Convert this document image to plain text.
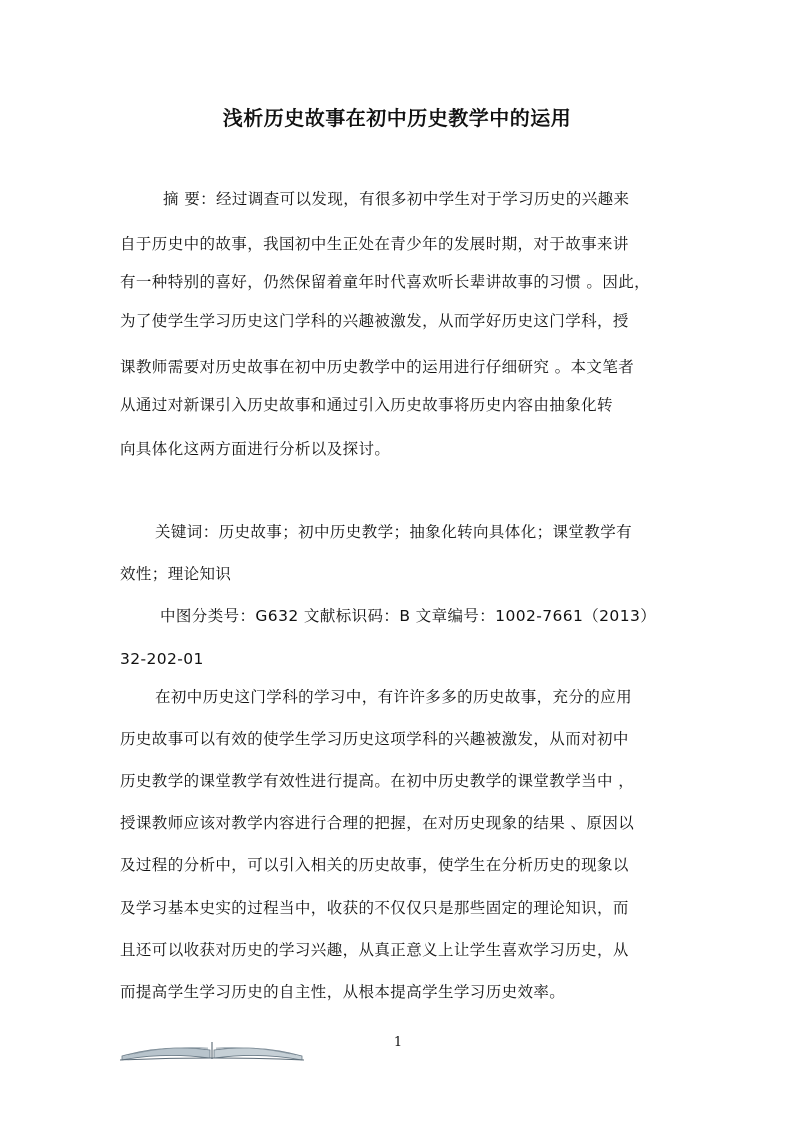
浅析历史故事在初中历史教学中的运用
摘 要：经过调查可以发现，有很多初中学生对于学习历史的兴趣来
自于历史中的故事，我国初中生正处在青少年的发展时期，对于故事来讲
有一种特别的喜好，仍然保留着童年时代喜欢听长辈讲故事的习惯 。因此，
为了使学生学习历史这门学科的兴趣被激发，从而学好历史这门学科，授
课教师需要对历史故事在初中历史教学中的运用进行仔细研究 。本文笔者
从通过对新课引入历史故事和通过引入历史故事将历史内容由抽象化转
向具体化这两方面进行分析以及探讨。
关键词：历史故事；初中历史教学；抽象化转向具体化；课堂教学有
效性；理论知识
中图分类号：G632 文献标识码：B 文章编号：1002-7661（2013）
32-202-01
在初中历史这门学科的学习中，有许许多多的历史故事，充分的应用
历史故事可以有效的使学生学习历史这项学科的兴趣被激发，从而对初中
历史教学的课堂教学有效性进行提高。在初中历史教学的课堂教学当中 ，
授课教师应该对教学内容进行合理的把握，在对历史现象的结果 、原因以
及过程的分析中，可以引入相关的历史故事，使学生在分析历史的现象以
及学习基本史实的过程当中，收获的不仅仅只是那些固定的理论知识，而
且还可以收获对历史的学习兴趣，从真正意义上让学生喜欢学习历史，从
而提高学生学习历史的自主性，从根本提高学生学习历史效率。
1
